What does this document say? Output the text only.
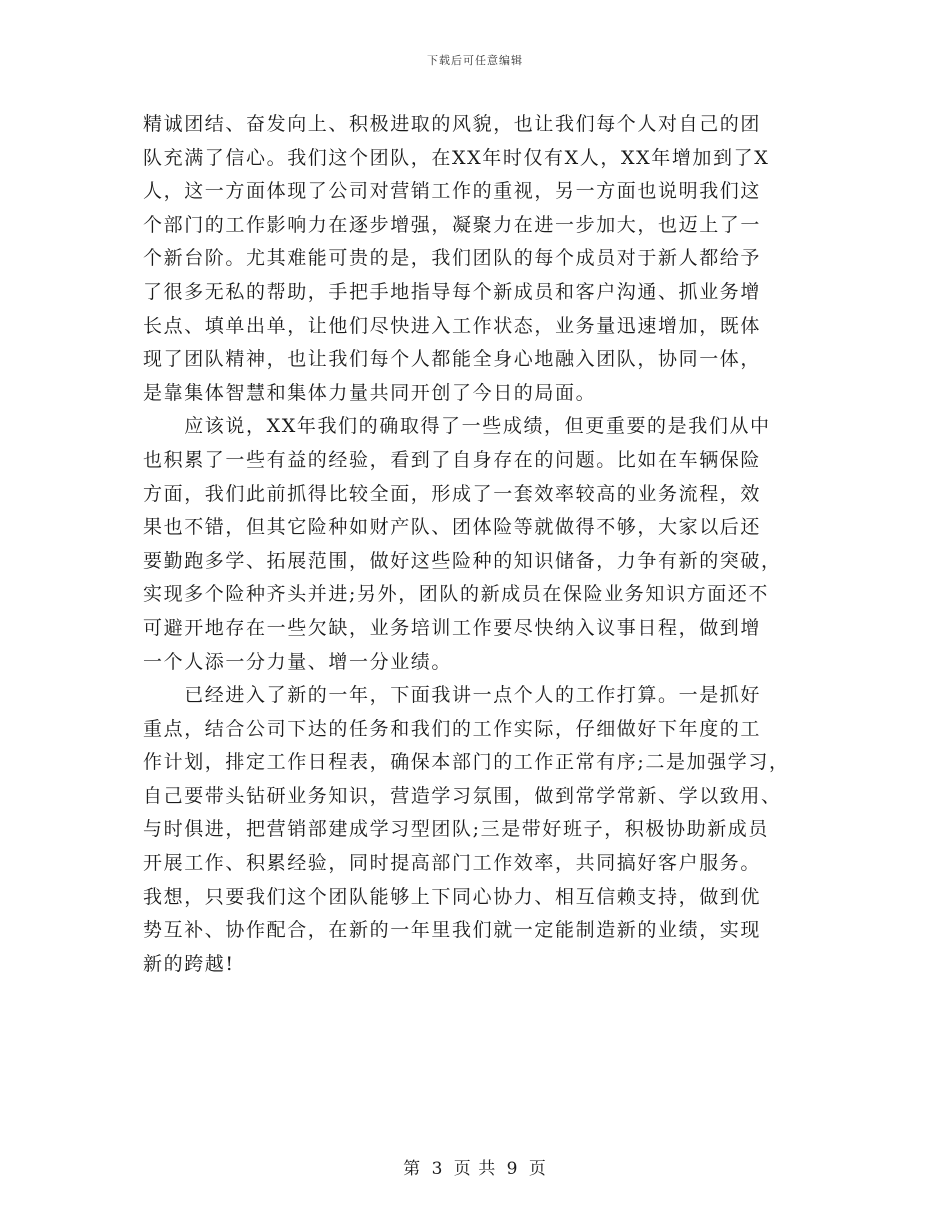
下载后可任意编辑
精诚团结、奋发向上、积极进取的风貌，也让我们每个人对自己的团
队充满了信心。我们这个团队，在XX年时仅有X人，XX年增加到了X
人，这一方面体现了公司对营销工作的重视，另一方面也说明我们这
个部门的工作影响力在逐步增强，凝聚力在进一步加大，也迈上了一
个新台阶。尤其难能可贵的是，我们团队的每个成员对于新人都给予
了很多无私的帮助，手把手地指导每个新成员和客户沟通、抓业务增
长点、填单出单，让他们尽快进入工作状态，业务量迅速增加，既体
现了团队精神，也让我们每个人都能全身心地融入团队，协同一体，
是靠集体智慧和集体力量共同开创了今日的局面。
　　应该说，XX年我们的确取得了一些成绩，但更重要的是我们从中
也积累了一些有益的经验，看到了自身存在的问题。比如在车辆保险
方面，我们此前抓得比较全面，形成了一套效率较高的业务流程，效
果也不错，但其它险种如财产队、团体险等就做得不够，大家以后还
要勤跑多学、拓展范围，做好这些险种的知识储备，力争有新的突破，
实现多个险种齐头并进;另外，团队的新成员在保险业务知识方面还不
可避开地存在一些欠缺，业务培训工作要尽快纳入议事日程，做到增
一个人添一分力量、增一分业绩。
　　已经进入了新的一年，下面我讲一点个人的工作打算。一是抓好
重点，结合公司下达的任务和我们的工作实际，仔细做好下年度的工
作计划，排定工作日程表，确保本部门的工作正常有序;二是加强学习，
自己要带头钻研业务知识，营造学习氛围，做到常学常新、学以致用、
与时俱进，把营销部建成学习型团队;三是带好班子，积极协助新成员
开展工作、积累经验，同时提高部门工作效率，共同搞好客户服务。
我想，只要我们这个团队能够上下同心协力、相互信赖支持，做到优
势互补、协作配合，在新的一年里我们就一定能制造新的业绩，实现
新的跨越!
第 3 页 共 9 页
